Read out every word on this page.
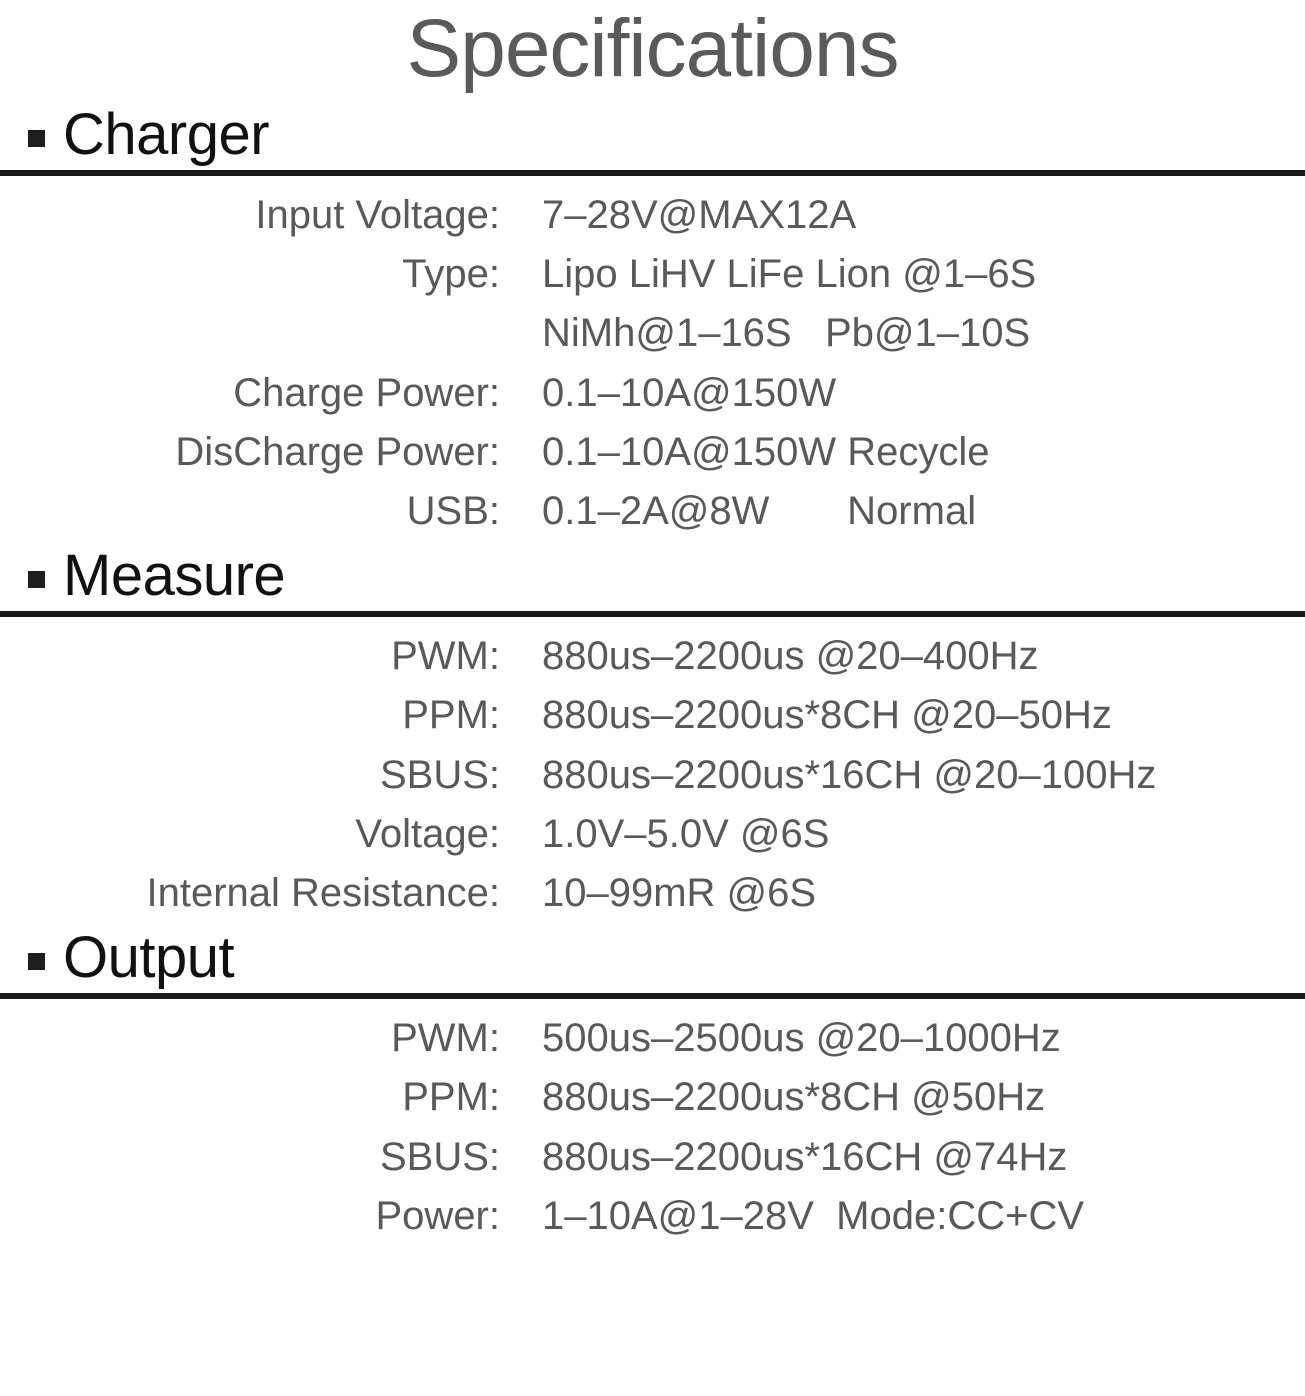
Specifications
Charger
Input Voltage:	7–28V@MAX12A
Type:	Lipo LiHV LiFe Lion @1–6S
	NiMh@1–16S   Pb@1–10S
Charge Power:	0.1–10A@150W
DisCharge Power:	0.1–10A@150W Recycle
USB:	0.1–2A@8W       Normal
Measure
PWM:	880us–2200us @20–400Hz
PPM:	880us–2200us*8CH @20–50Hz
SBUS:	880us–2200us*16CH @20–100Hz
Voltage:	1.0V–5.0V @6S
Internal Resistance:	10–99mR @6S
Output
PWM:	500us–2500us @20–1000Hz
PPM:	880us–2200us*8CH @50Hz
SBUS:	880us–2200us*16CH @74Hz
Power:	1–10A@1–28V  Mode:CC+CV
